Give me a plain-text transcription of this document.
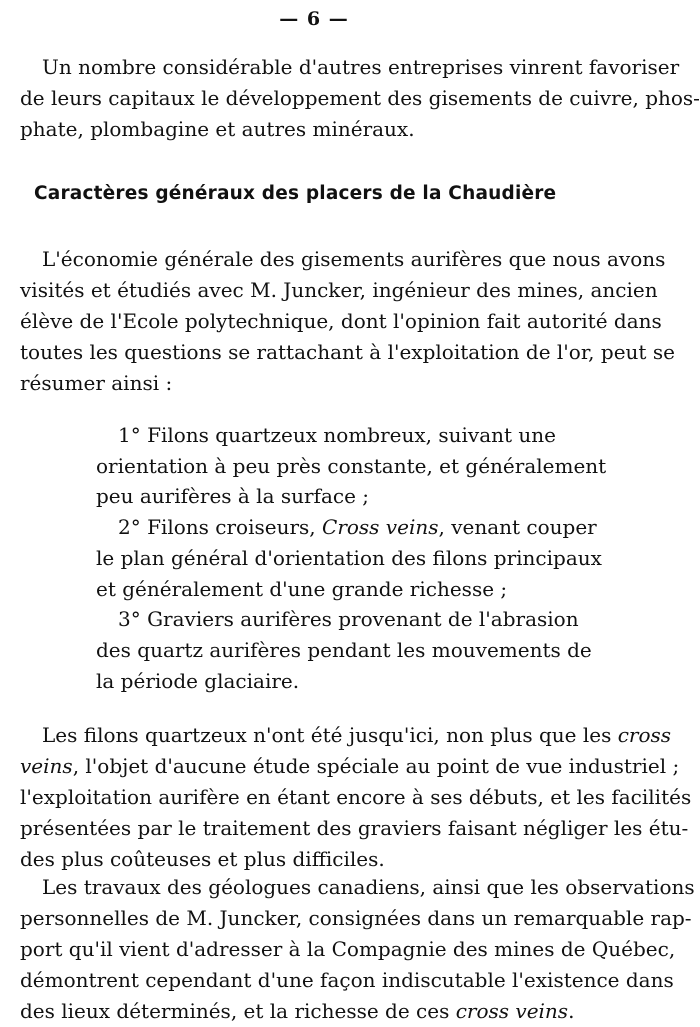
— 6 —
Un nombre considérable d'autres entreprises vinrent favoriser
de leurs capitaux le développement des gisements de cuivre, phos-
phate, plombagine et autres minéraux.
Caractères généraux des placers de la Chaudière
L'économie générale des gisements aurifères que nous avons
visités et étudiés avec M. Juncker, ingénieur des mines, ancien
élève de l'Ecole polytechnique, dont l'opinion fait autorité dans
toutes les questions se rattachant à l'exploitation de l'or, peut se
résumer ainsi :
1° Filons quartzeux nombreux, suivant une
orientation à peu près constante, et généralement
peu aurifères à la surface ;
2° Filons croiseurs, Cross veins, venant couper
le plan général d'orientation des filons principaux
et généralement d'une grande richesse ;
3° Graviers aurifères provenant de l'abrasion
des quartz aurifères pendant les mouvements de
la période glaciaire.
Les filons quartzeux n'ont été jusqu'ici, non plus que les cross
veins, l'objet d'aucune étude spéciale au point de vue industriel ;
l'exploitation aurifère en étant encore à ses débuts, et les facilités
présentées par le traitement des graviers faisant négliger les étu-
des plus coûteuses et plus difficiles.
Les travaux des géologues canadiens, ainsi que les observations
personnelles de M. Juncker, consignées dans un remarquable rap-
port qu'il vient d'adresser à la Compagnie des mines de Québec,
démontrent cependant d'une façon indiscutable l'existence dans
des lieux déterminés, et la richesse de ces cross veins.
